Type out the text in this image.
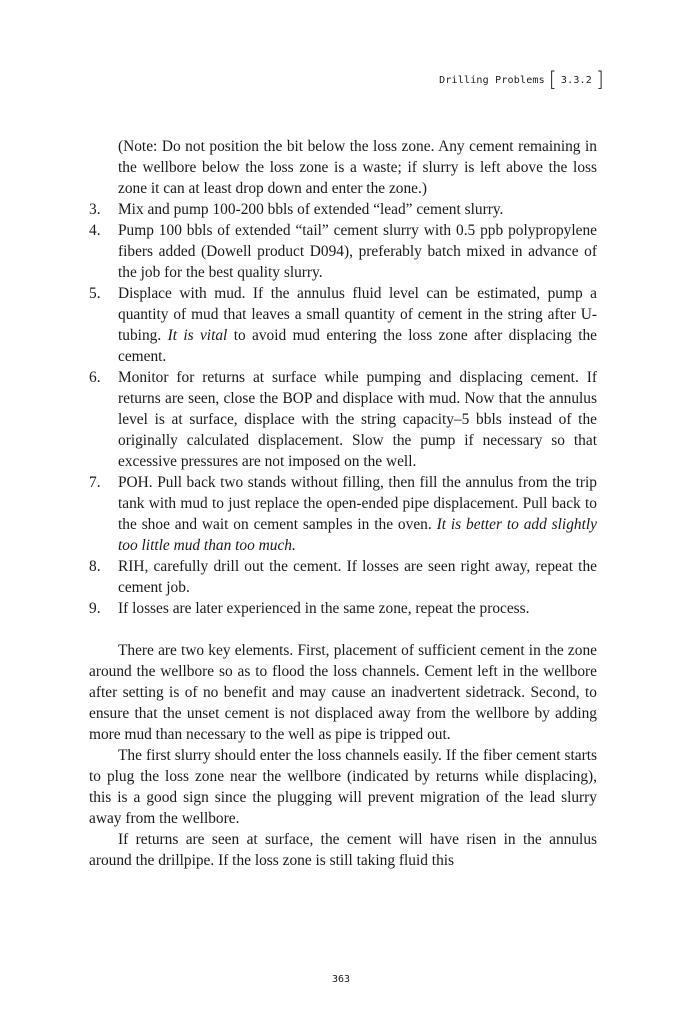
Drilling Problems [ 3.3.2 ]

(Note: Do not position the bit below the loss zone. Any cement remaining in the wellbore below the loss zone is a waste; if slurry is left above the loss zone it can at least drop down and enter the zone.)

3. Mix and pump 100-200 bbls of extended “lead” cement slurry.
4. Pump 100 bbls of extended “tail” cement slurry with 0.5 ppb polypropylene fibers added (Dowell product D094), preferably batch mixed in advance of the job for the best quality slurry.
5. Displace with mud. If the annulus fluid level can be estimated, pump a quantity of mud that leaves a small quantity of cement in the string after U- tubing. It is vital to avoid mud entering the loss zone after displacing the cement.
6. Monitor for returns at surface while pumping and displacing cement. If returns are seen, close the BOP and displace with mud. Now that the annulus level is at surface, displace with the string capacity–5 bbls instead of the originally calculated displacement. Slow the pump if necessary so that excessive pressures are not imposed on the well.
7. POH. Pull back two stands without filling, then fill the annulus from the trip tank with mud to just replace the open-ended pipe displacement. Pull back to the shoe and wait on cement samples in the oven. It is better to add slightly too little mud than too much.
8. RIH, carefully drill out the cement. If losses are seen right away, repeat the cement job.
9. If losses are later experienced in the same zone, repeat the process.

There are two key elements. First, placement of sufficient cement in the zone around the wellbore so as to flood the loss channels. Cement left in the wellbore after setting is of no benefit and may cause an inadvertent sidetrack. Second, to ensure that the unset cement is not displaced away from the wellbore by adding more mud than necessary to the well as pipe is tripped out.

The first slurry should enter the loss channels easily. If the fiber cement starts to plug the loss zone near the wellbore (indicated by returns while displacing), this is a good sign since the plugging will prevent migration of the lead slurry away from the wellbore.

If returns are seen at surface, the cement will have risen in the annulus around the drillpipe. If the loss zone is still taking fluid this

363
